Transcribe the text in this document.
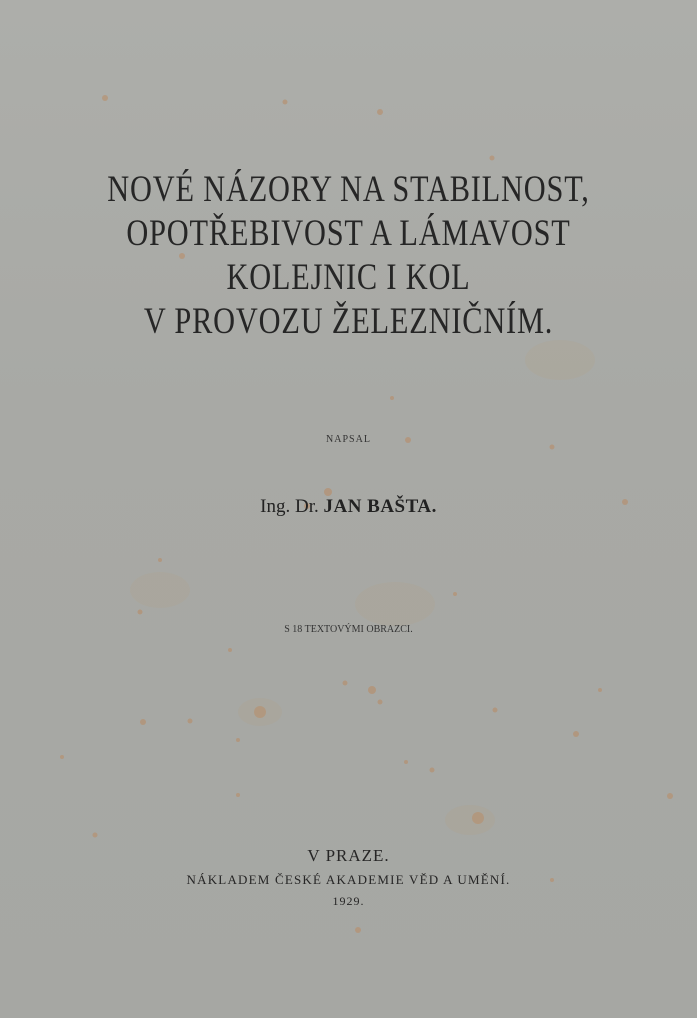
NOVÉ NÁZORY NA STABILNOST,
OPOTŘEBIVOST A LÁMAVOST
KOLEJNIC I KOL
V PROVOZU ŽELEZNIČNÍM.
NAPSAL
Ing. Dr. JAN BAŠTA.
S 18 TEXTOVÝMI OBRAZCI.
V PRAZE.
NÁKLADEM ČESKÉ AKADEMIE VĚD A UMĚNÍ.
1929.
